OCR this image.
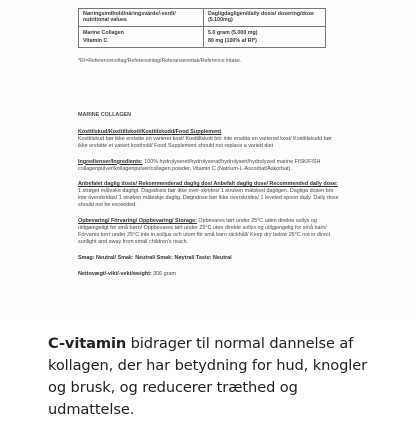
Næringsindhold/näringsvärde/-verdi/ nutritional values	Dagligdagligen/daily dosis/ dosering/dose (5.100mg)
Marine Collagen	5.0 gram (5.000 mg)
Vitamin C	80 mg (100% af RI*)
*RI=Referenceindtag/Referensintag/Referanseinntak/Reference intake.

MARINE COLLAGEN

Kosttilskud/Kosttillskott/Kosttilskudd/Food Supplement
Kosttilskud bør ikke erstatte en varieret kost/ Kosttillskott bör inte ersätta en varierad kost/ Kosttilskudd bør ikke erstatte et variert kosthold/ Food Supplement should not replace a varied diet

Ingredienser/Ingredients: 100% hydrolyseret/hydrolyserat/hydrolysert/hydrolyzed marine FISK/FISH collagenpulver/kollagenpulver/collagen powder, Vitamin C (Natrium-L-Ascorbat/Askorbat).

Anbefalet daglig dosis/ Rekommenderad daglig dos/ Anbefalt daglig dose/ Recommended daily dose: 1 strøget måleske dagligt. Dagsdosis bør ikke over-skrides/ 1 struken mätsked dagligen. Dagliga dosen bör inte överskridas/ 1 strøken måleskje daglig. Døgndose bør ikke overskrides/ 1 leveled spoon daily. Daily dose should not be exceeded.

Opbevaring/ Förvaring/ Oppbevaring/ Storage: Opbevares tørt under 25°C uden direkte sollys og utilgængeligt for små børn/ Oppbevares tørt under 25°C uten direkte sollys og utilgjengelig for små barn/ Förvares torrt under 25°C inte in solljus och utom för små barn räckhåll/ Keep dry below 25°C not in direct sunlight and away from small children's reach.

Smag: Neutral/ Smak: Neutral/ Smak: Nøytral/ Taste: Neutral

Nettovægt/-vikt/-vekt/weight: 306 gram

C-vitamin bidrager til normal dannelse af kollagen, der har betydning for hud, knogler og brusk, og reducerer træthed og udmattelse.
